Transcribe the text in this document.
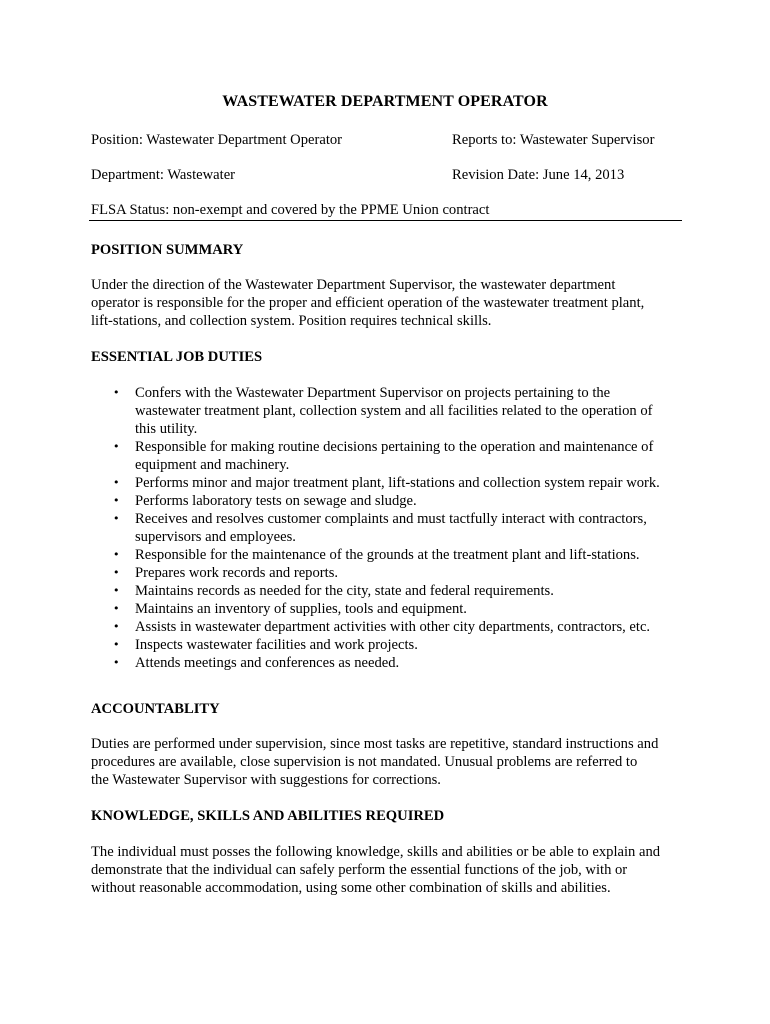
WASTEWATER DEPARTMENT OPERATOR
Position: Wastewater Department Operator	Reports to: Wastewater Supervisor
Department: Wastewater	Revision Date: June 14, 2013
FLSA Status: non-exempt and covered by the PPME Union contract
POSITION SUMMARY
Under the direction of the Wastewater Department Supervisor, the wastewater department
operator is responsible for the proper and efficient operation of the wastewater treatment plant,
lift-stations, and collection system. Position requires technical skills.
ESSENTIAL JOB DUTIES
• Confers with the Wastewater Department Supervisor on projects pertaining to the
wastewater treatment plant, collection system and all facilities related to the operation of
this utility.
• Responsible for making routine decisions pertaining to the operation and maintenance of
equipment and machinery.
• Performs minor and major treatment plant, lift-stations and collection system repair work.
• Performs laboratory tests on sewage and sludge.
• Receives and resolves customer complaints and must tactfully interact with contractors,
supervisors and employees.
• Responsible for the maintenance of the grounds at the treatment plant and lift-stations.
• Prepares work records and reports.
• Maintains records as needed for the city, state and federal requirements.
• Maintains an inventory of supplies, tools and equipment.
• Assists in wastewater department activities with other city departments, contractors, etc.
• Inspects wastewater facilities and work projects.
• Attends meetings and conferences as needed.
ACCOUNTABLITY
Duties are performed under supervision, since most tasks are repetitive, standard instructions and
procedures are available, close supervision is not mandated. Unusual problems are referred to
the Wastewater Supervisor with suggestions for corrections.
KNOWLEDGE, SKILLS AND ABILITIES REQUIRED
The individual must posses the following knowledge, skills and abilities or be able to explain and
demonstrate that the individual can safely perform the essential functions of the job, with or
without reasonable accommodation, using some other combination of skills and abilities.
